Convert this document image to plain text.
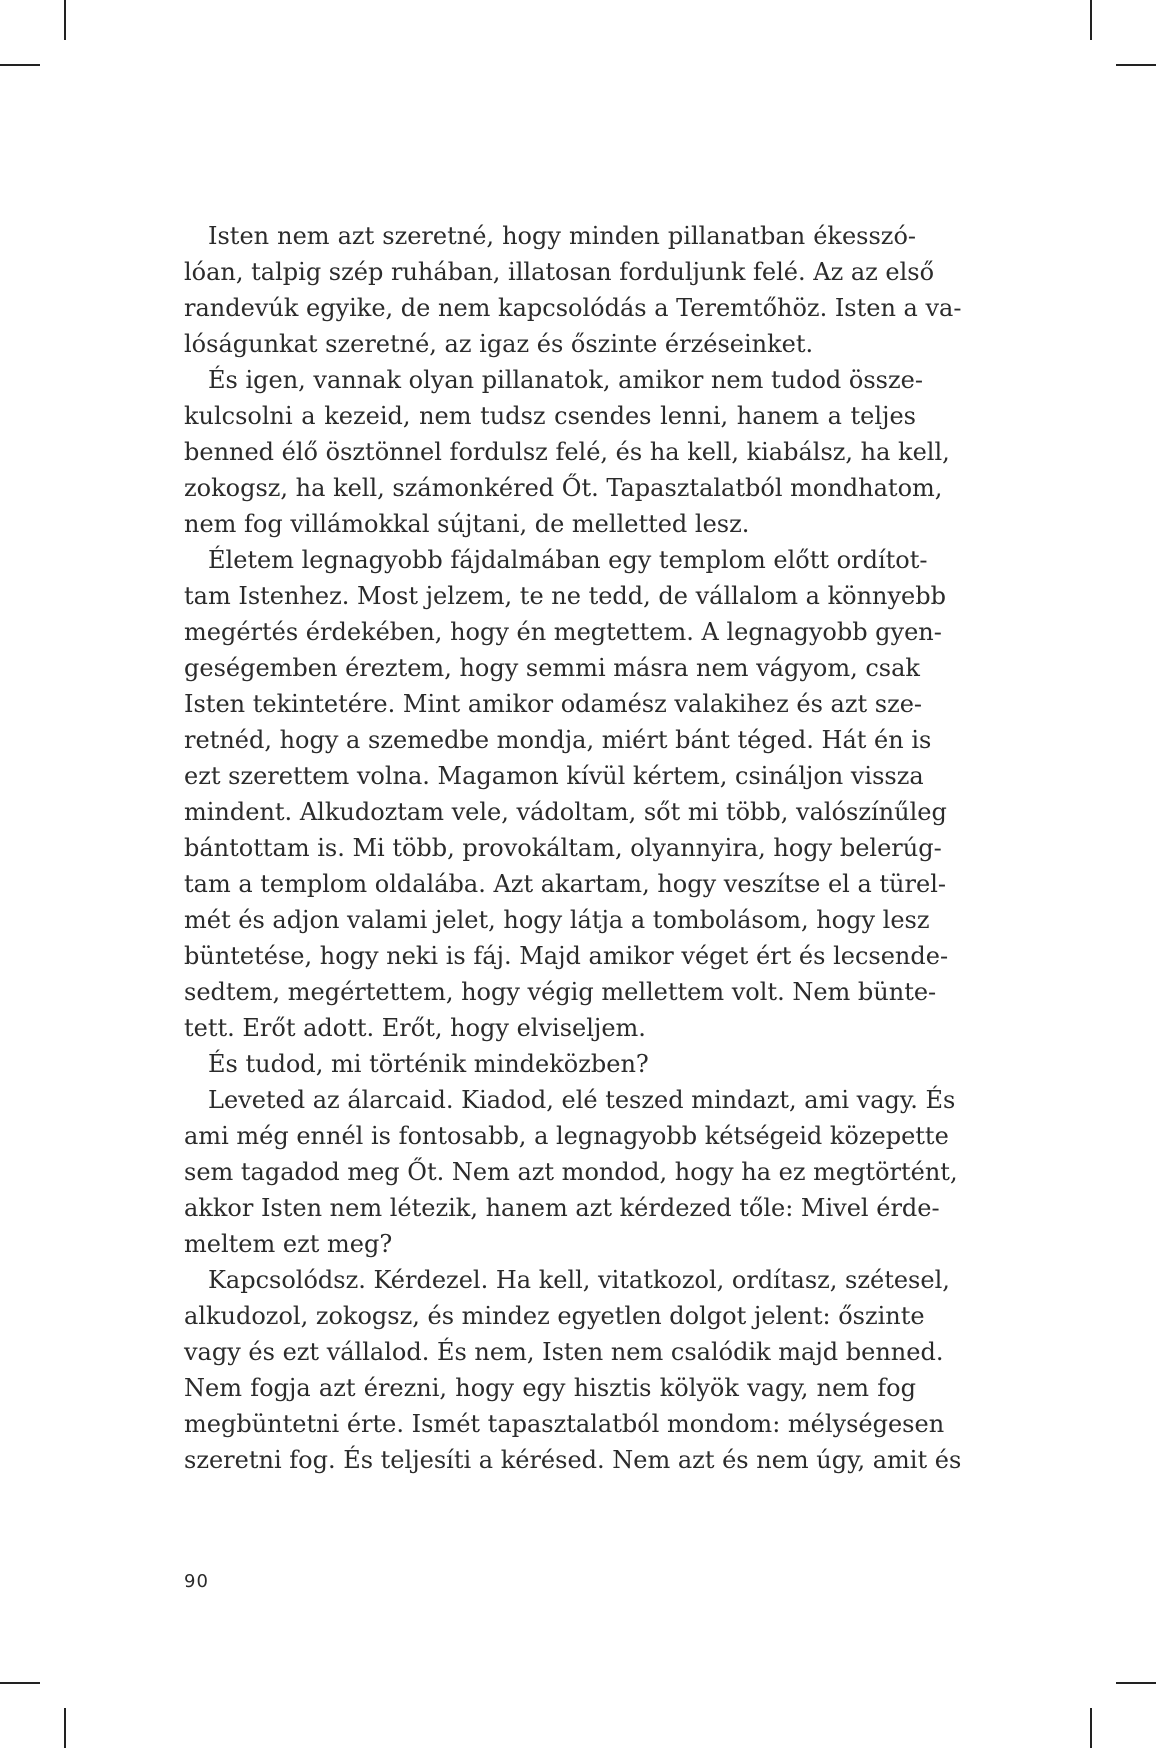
Isten nem azt szeretné, hogy minden pillanatban ékesszó-
lóan, talpig szép ruhában, illatosan forduljunk felé. Az az első
randevúk egyike, de nem kapcsolódás a Teremtőhöz. Isten a va-
lóságunkat szeretné, az igaz és őszinte érzéseinket.
És igen, vannak olyan pillanatok, amikor nem tudod össze-
kulcsolni a kezeid, nem tudsz csendes lenni, hanem a teljes
benned élő ösztönnel fordulsz felé, és ha kell, kiabálsz, ha kell,
zokogsz, ha kell, számonkéred Őt. Tapasztalatból mondhatom,
nem fog villámokkal sújtani, de melletted lesz.
Életem legnagyobb fájdalmában egy templom előtt ordítot-
tam Istenhez. Most jelzem, te ne tedd, de vállalom a könnyebb
megértés érdekében, hogy én megtettem. A legnagyobb gyen-
geségemben éreztem, hogy semmi másra nem vágyom, csak
Isten tekintetére. Mint amikor odamész valakihez és azt sze-
retnéd, hogy a szemedbe mondja, miért bánt téged. Hát én is
ezt szerettem volna. Magamon kívül kértem, csináljon vissza
mindent. Alkudoztam vele, vádoltam, sőt mi több, valószínűleg
bántottam is. Mi több, provokáltam, olyannyira, hogy belerúg-
tam a templom oldalába. Azt akartam, hogy veszítse el a türel-
mét és adjon valami jelet, hogy látja a tombolásom, hogy lesz
büntetése, hogy neki is fáj. Majd amikor véget ért és lecsende-
sedtem, megértettem, hogy végig mellettem volt. Nem büntе-
tett. Erőt adott. Erőt, hogy elviseljem.
És tudod, mi történik mindeközben?
Leveted az álarcaid. Kiadod, elé teszed mindazt, ami vagy. És
ami még ennél is fontosabb, a legnagyobb kétségeid közepette
sem tagadod meg Őt. Nem azt mondod, hogy ha ez megtörtént,
akkor Isten nem létezik, hanem azt kérdezed tőle: Mivel érde-
meltem ezt meg?
Kapcsolódsz. Kérdezel. Ha kell, vitatkozol, ordítasz, szétesel,
alkudozol, zokogsz, és mindez egyetlen dolgot jelent: őszinte
vagy és ezt vállalod. És nem, Isten nem csalódik majd benned.
Nem fogja azt érezni, hogy egy hisztis kölyök vagy, nem fog
megbüntetni érte. Ismét tapasztalatból mondom: mélységesen
szeretni fog. És teljesíti a kérésed. Nem azt és nem úgy, amit és
90
